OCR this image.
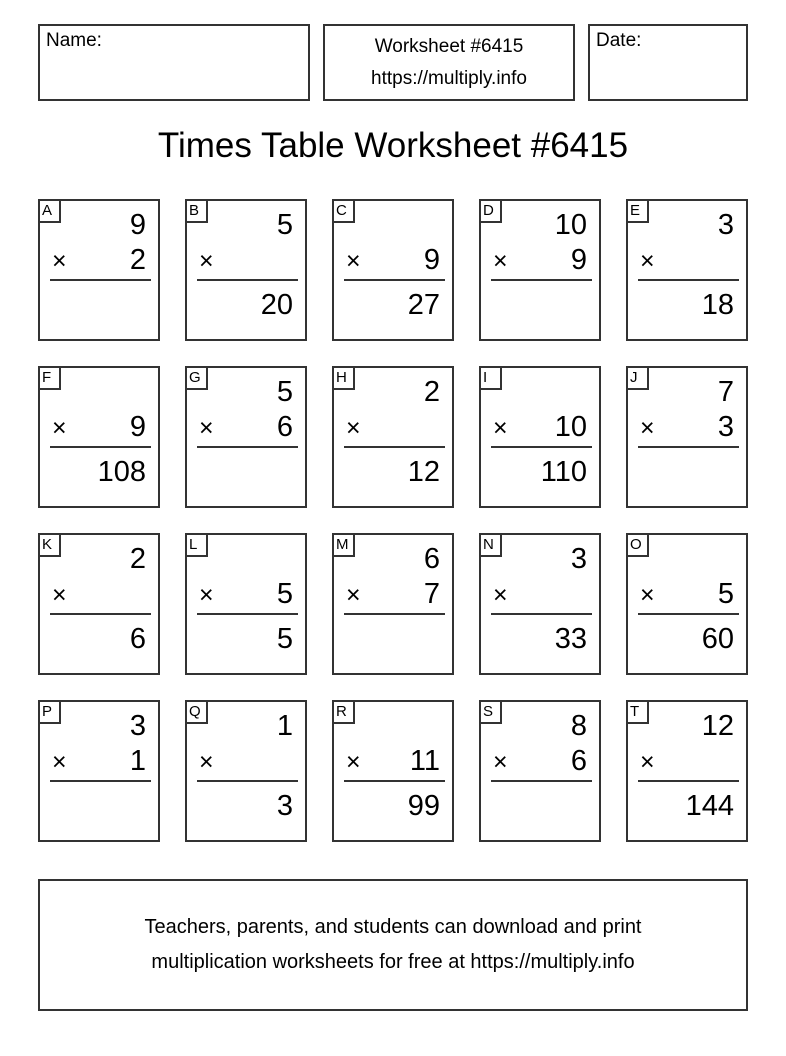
Name:	Worksheet #6415
https://multiply.info
Date:
Times Table Worksheet #6415
A	9
× 2
B	5
×
20
C
× 9
27
D 10
× 9
E	3
×
18
F
× 9
108
G	5
× 6
H	2
×
12
I
× 10
110
J	7
× 3
K	2
×
6
L
× 5
5
M	6
× 7
N	3
×
33
O
× 5
60
P	3
× 1
Q	1
×
3
R
× 11
99
S	8
× 6
T	12
×
144
Teachers, parents, and students can download and print
multiplication worksheets for free at https://multiply.info
